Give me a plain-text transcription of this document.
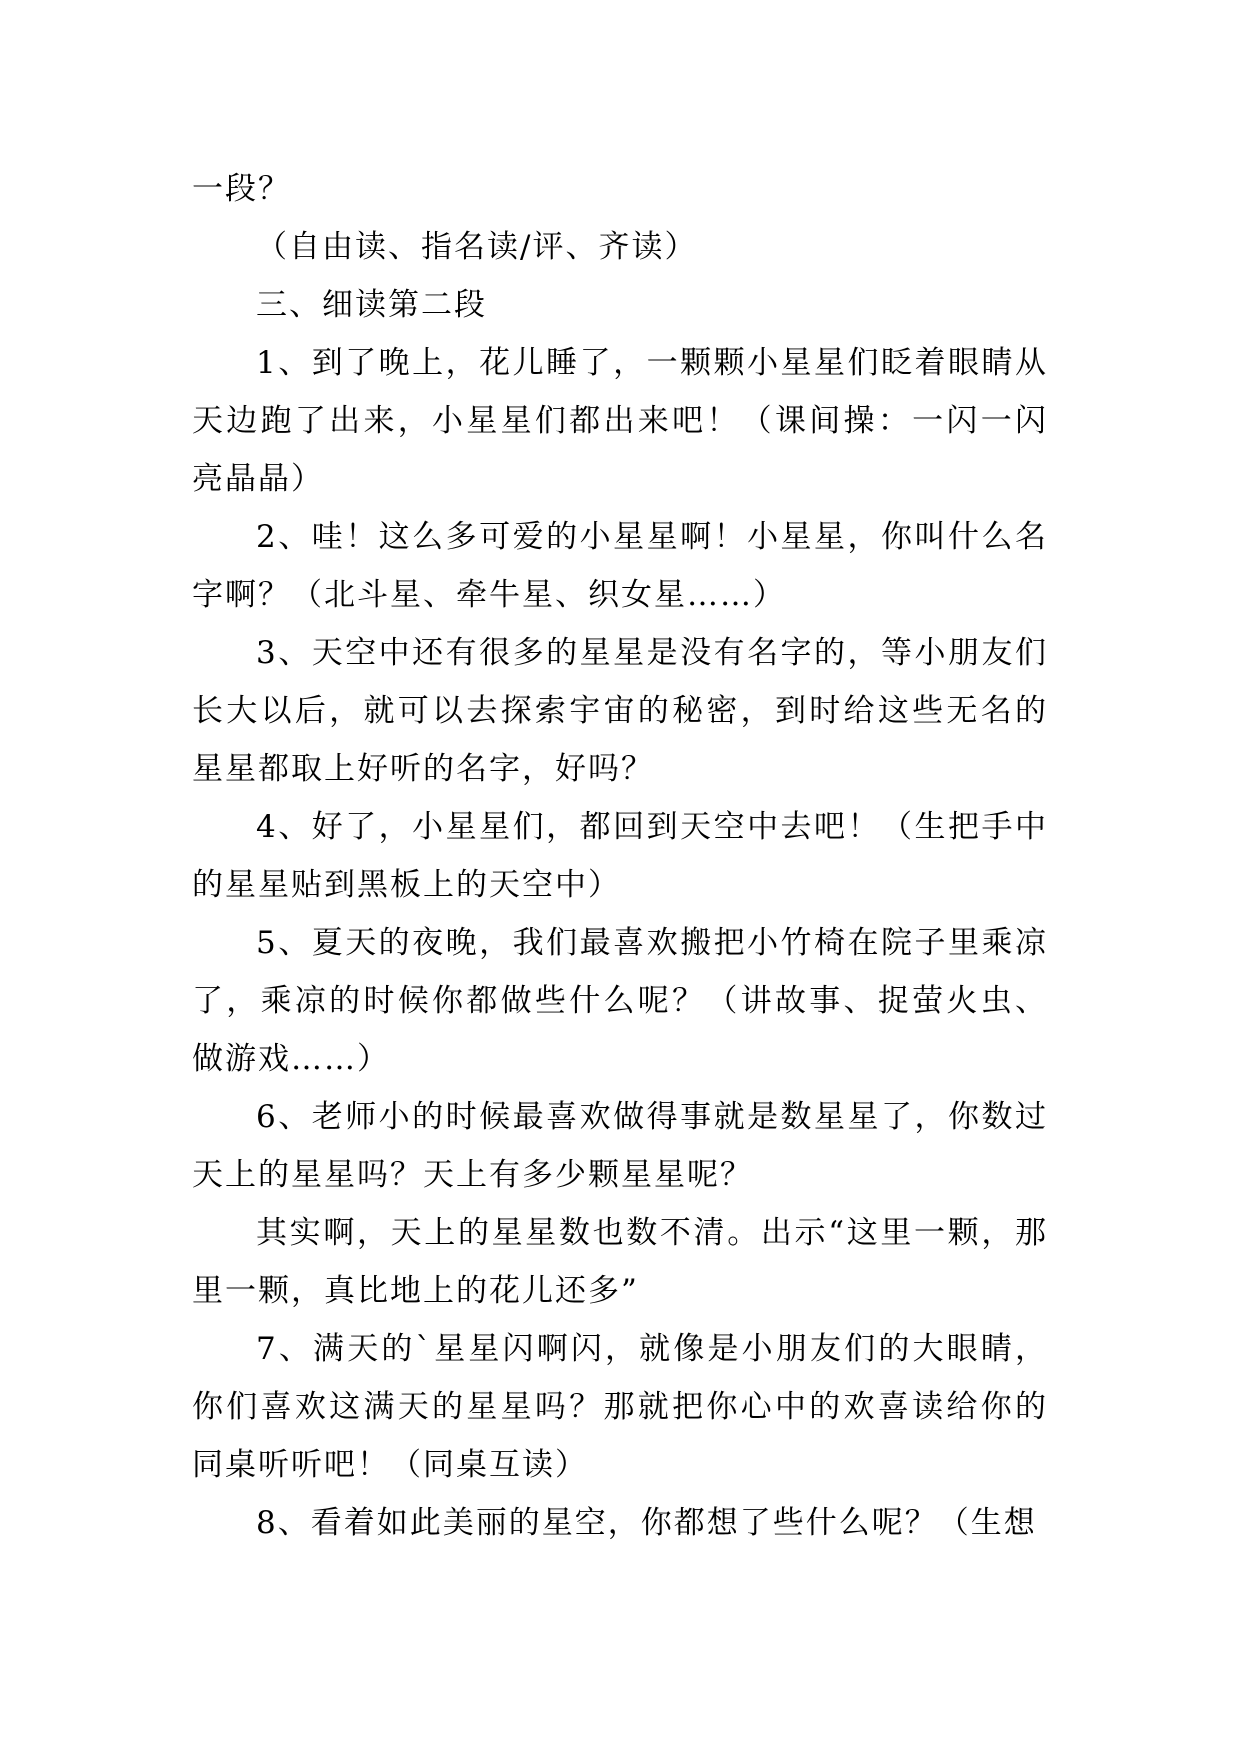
一段？

（自由读、指名读/评、齐读）

三、细读第二段

1、到了晚上，花儿睡了，一颗颗小星星们眨着眼睛从天边跑了出来，小星星们都出来吧！（课间操：一闪一闪亮晶晶）

2、哇！这么多可爱的小星星啊！小星星，你叫什么名字啊？（北斗星、牵牛星、织女星……）

3、天空中还有很多的星星是没有名字的，等小朋友们长大以后，就可以去探索宇宙的秘密，到时给这些无名的星星都取上好听的名字，好吗？

4、好了，小星星们，都回到天空中去吧！（生把手中的星星贴到黑板上的天空中）

5、夏天的夜晚，我们最喜欢搬把小竹椅在院子里乘凉了，乘凉的时候你都做些什么呢？（讲故事、捉萤火虫、做游戏……）

6、老师小的时候最喜欢做得事就是数星星了，你数过天上的星星吗？天上有多少颗星星呢？

其实啊，天上的星星数也数不清。出示“这里一颗，那里一颗，真比地上的花儿还多”

7、满天的`星星闪啊闪，就像是小朋友们的大眼睛，你们喜欢这满天的星星吗？那就把你心中的欢喜读给你的同桌听听吧！（同桌互读）

8、看着如此美丽的星空，你都想了些什么呢？（生想
